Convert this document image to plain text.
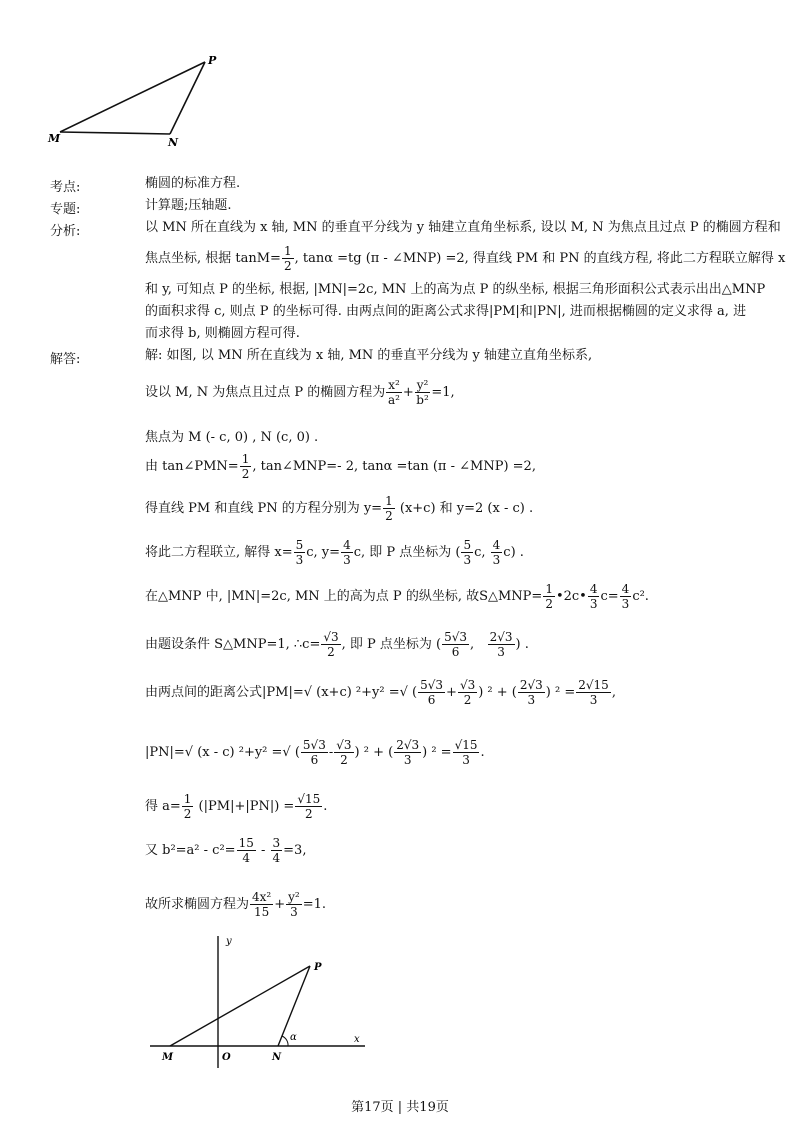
M	N
P
考点:	椭圆的标准方程.
专题:	计算题;压轴题.
分析:	以 MN 所在直线为 x 轴, MN 的垂直平分线为 y 轴建立直角坐标系, 设以 M, N 为焦点且过点 P 的椭圆方程和
焦点坐标, 根据 $\tan M= \frac{1}{2}$ , tanα =tg (π - ∠MNP) =2, 得直线 PM 和 PN 的直线方程, 将此二方程联立解得 x
和 y, 可知点 P 的坐标, 根据, |MN|=2c, MN 上的高为点 P 的纵坐标, 根据三角形面积公式表示出出△MNP
的面积求得 c, 则点 P 的坐标可得. 由两点间的距离公式求得|PM|和|PN|, 进而根据椭圆的定义求得 a, 进
而求得 b, 则椭圆方程可得.
解答:	解: 如图, 以 MN 所在直线为 x 轴, MN 的垂直平分线为 y 轴建立直角坐标系,
设以 M, N 为焦点且过点 P 的椭圆方程为 $\frac{\text{x²}}{\text{a²}} + \frac{\text{y²}}{\text{b²}} =1$,
焦点为 M (- c, 0) , N (c, 0) .
由 tan∠PMN= $\frac{1}{2}$ , tan∠MNP=- 2, tanα =tan (π - ∠MNP) =2,
得直线 PM 和直线 PN 的方程分别为 $y= \frac{1}{2} (x+c)$ 和 y=2 (x - c) .
将此二方程联立, 解得 $x= \frac{5}{3} c$, $y= \frac{4}{3} c$, 即 P 点坐标为 ( $\frac{5}{3} c$, $\frac{4}{3} c$) .
在△MNP 中, |MN|=2c, MN 上的高为点 P 的纵坐标, 故S△MNP= $\frac{1}{2}$ •2c• $\frac{4}{3} c= \frac{4}{3} c^2$.
由题设条件 S△MNP=1, ∴c= $\frac{√3}{2}$ , 即 P 点坐标为 ( $\frac{5√3}{6}$ , $\frac{2√3}{3}$ ) .
由两点间的距离公式|PM|=√ (x+c) ²+y² =√ ( $\frac{5√3}{6} + \frac{√3}{2}$ ) ² + ( $\frac{2√3}{3}$ ) $^2 = \frac{2√15}{3}$ ,
|PN|=√ (x - c) ²+y² =√ ( $\frac{5√3}{6} - \frac{√3}{2}$ ) ² + ( $\frac{2√3}{3}$ ) $^2 = \frac{√15}{3}$ .
得 $a= \frac{1}{2} (|PM|+|PN|) = \frac{√15}{2}$ .
又 $b^2=a^2 - c^2= \frac{15}{4} - \frac{3}{4} =3$,
故所求椭圆方程为 $\frac{\text{4x²}}{15} + \frac{\text{y²}}{3} =1$.
y
x
P
M	O	N
α
第17页 | 共19页
